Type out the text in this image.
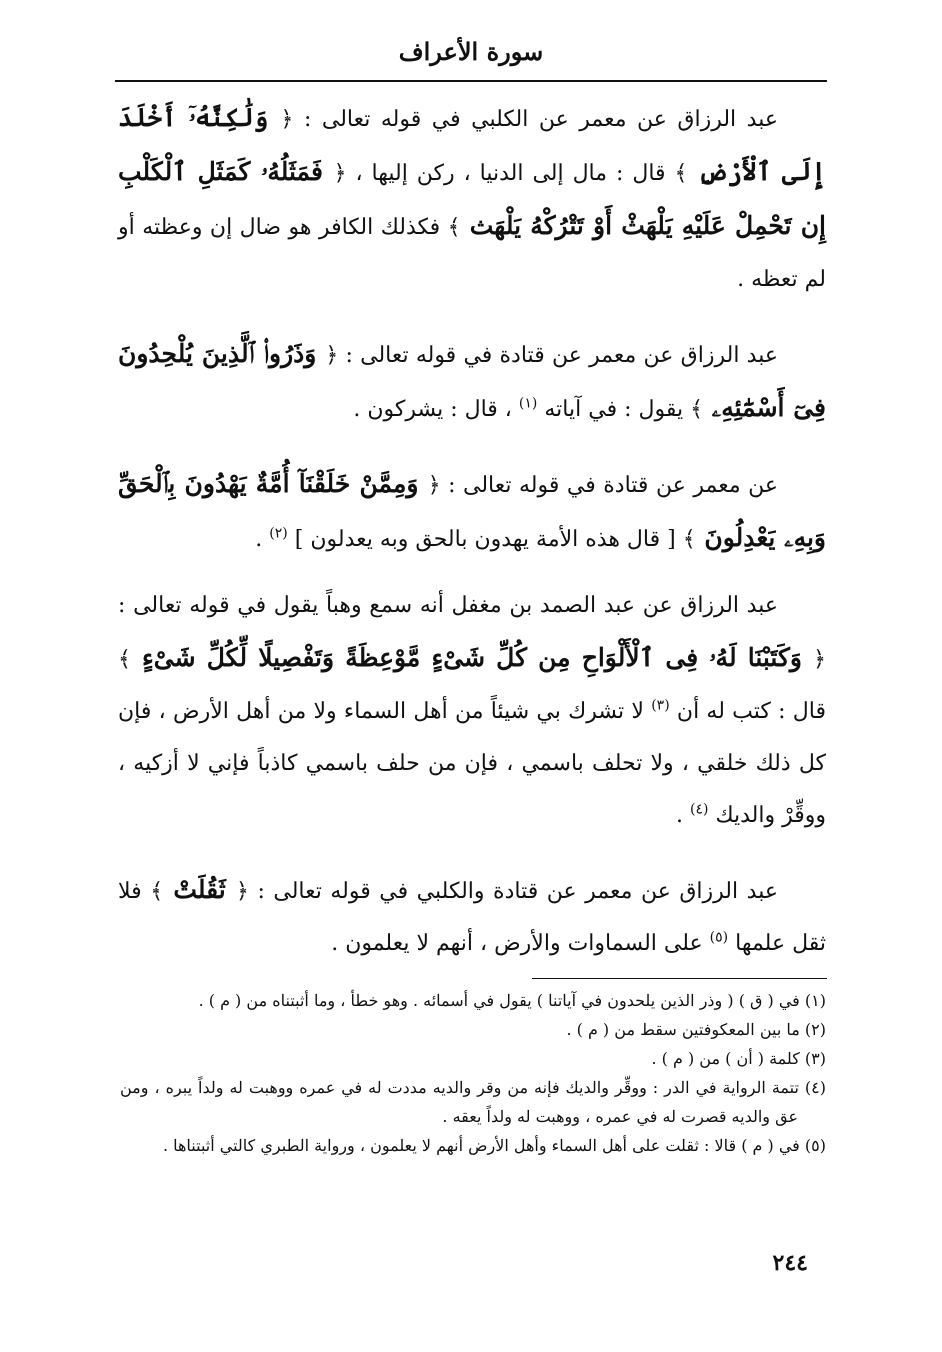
سورة الأعراف

عبد الرزاق عن معمر عن الكلبي في قوله تعالى : ﴿ وَلَٰكِنَّهُۥٓ أَخْلَدَ إِلَى ٱلْأَرْضِ ﴾ قال : مال إلى الدنيا ، ركن إليها ، ﴿ فَمَثَلُهُۥ كَمَثَلِ ٱلْكَلْبِ إِن تَحْمِلْ عَلَيْهِ يَلْهَثْ أَوْ تَتْرُكْهُ يَلْهَث ﴾ فكذلك الكافر هو ضال إن وعظته أو لم تعظه .

عبد الرزاق عن معمر عن قتادة في قوله تعالى : ﴿ وَذَرُوا۟ ٱلَّذِينَ يُلْحِدُونَ فِىٓ أَسْمَٰٓئِهِۦ ﴾ يقول : في آياته $^{(١)}$ ، قال : يشركون .

عن معمر عن قتادة في قوله تعالى : ﴿ وَمِمَّنْ خَلَقْنَآ أُمَّةٌ يَهْدُونَ بِٱلْحَقِّ وَبِهِۦ يَعْدِلُونَ ﴾ [ قال هذه الأمة يهدون بالحق وبه يعدلون ] $^{(٢)}$ .

عبد الرزاق عن عبد الصمد بن مغفل أنه سمع وهباً يقول في قوله تعالى : ﴿ وَكَتَبْنَا لَهُۥ فِى ٱلْأَلْوَاحِ مِن كُلِّ شَىْءٍ مَّوْعِظَةً وَتَفْصِيلًا لِّكُلِّ شَىْءٍ ﴾ قال : كتب له أن $^{(٣)}$ لا تشرك بي شيئاً من أهل السماء ولا من أهل الأرض ، فإن كل ذلك خلقي ، ولا تحلف باسمي ، فإن من حلف باسمي كاذباً فإني لا أزكيه ، ووقِّرْ والديك $^{(٤)}$ .

عبد الرزاق عن معمر عن قتادة والكلبي في قوله تعالى : ﴿ ثَقُلَتْ ﴾ فلا ثقل علمها $^{(٥)}$ على السماوات والأرض ، أنهم لا يعلمون .

(١) في ( ق ) ( وذر الذين يلحدون في آياتنا ) يقول في أسمائه . وهو خطأ ، وما أثبتناه من ( م ) .

(٢) ما بين المعكوفتين سقط من ( م ) .

(٣) كلمة ( أن ) من ( م ) .

(٤) تتمة الرواية في الدر : ووقِّر والديك فإنه من وقر والديه مددت له في عمره ووهبت له ولداً يبره ، ومن عق والديه قصرت له في عمره ، ووهبت له ولداً يعقه .

(٥) في ( م ) قالا : ثقلت على أهل السماء وأهل الأرض أنهم لا يعلمون ، ورواية الطبري كالتي أثبتناها .

٢٤٤
